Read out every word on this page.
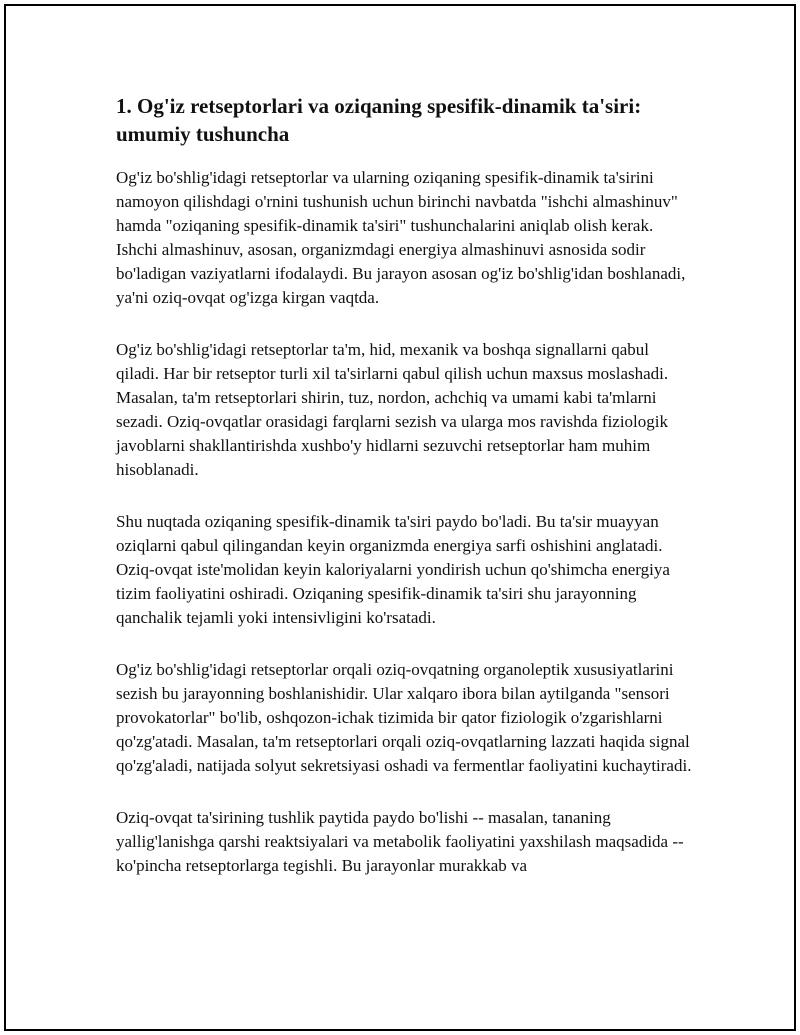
1. Og'iz retseptorlari va oziqaning spesifik-dinamik ta'siri: umumiy tushuncha

Og'iz bo'shlig'idagi retseptorlar va ularning oziqaning spesifik-dinamik ta'sirini namoyon qilishdagi o'rnini tushunish uchun birinchi navbatda "ishchi almashinuv" hamda "oziqaning spesifik-dinamik ta'siri" tushunchalarini aniqlab olish kerak. Ishchi almashinuv, asosan, organizmdagi energiya almashinuvi asnosida sodir bo'ladigan vaziyatlarni ifodalaydi. Bu jarayon asosan og'iz bo'shlig'idan boshlanadi, ya'ni oziq-ovqat og'izga kirgan vaqtda.

Og'iz bo'shlig'idagi retseptorlar ta'm, hid, mexanik va boshqa signallarni qabul qiladi. Har bir retseptor turli xil ta'sirlarni qabul qilish uchun maxsus moslashadi. Masalan, ta'm retseptorlari shirin, tuz, nordon, achchiq va umami kabi ta'mlarni sezadi. Oziq-ovqatlar orasidagi farqlarni sezish va ularga mos ravishda fiziologik javoblarni shakllantirishda xushbo'y hidlarni sezuvchi retseptorlar ham muhim hisoblanadi.

Shu nuqtada oziqaning spesifik-dinamik ta'siri paydo bo'ladi. Bu ta'sir muayyan oziqlarni qabul qilingandan keyin organizmda energiya sarfi oshishini anglatadi. Oziq-ovqat iste'molidan keyin kaloriyalarni yondirish uchun qo'shimcha energiya tizim faoliyatini oshiradi. Oziqaning spesifik-dinamik ta'siri shu jarayonning qanchalik tejamli yoki intensivligini ko'rsatadi.

Og'iz bo'shlig'idagi retseptorlar orqali oziq-ovqatning organoleptik xususiyatlarini sezish bu jarayonning boshlanishidir. Ular xalqaro ibora bilan aytilganda "sensori provokatorlar" bo'lib, oshqozon-ichak tizimida bir qator fiziologik o'zgarishlarni qo'zg'atadi. Masalan, ta'm retseptorlari orqali oziq-ovqatlarning lazzati haqida signal qo'zg'aladi, natijada solyut sekretsiyasi oshadi va fermentlar faoliyatini kuchaytiradi.

Oziq-ovqat ta'sirining tushlik paytida paydo bo'lishi -- masalan, tananing yallig'lanishga qarshi reaktsiyalari va metabolik faoliyatini yaxshilash maqsadida -- ko'pincha retseptorlarga tegishli. Bu jarayonlar murakkab va
